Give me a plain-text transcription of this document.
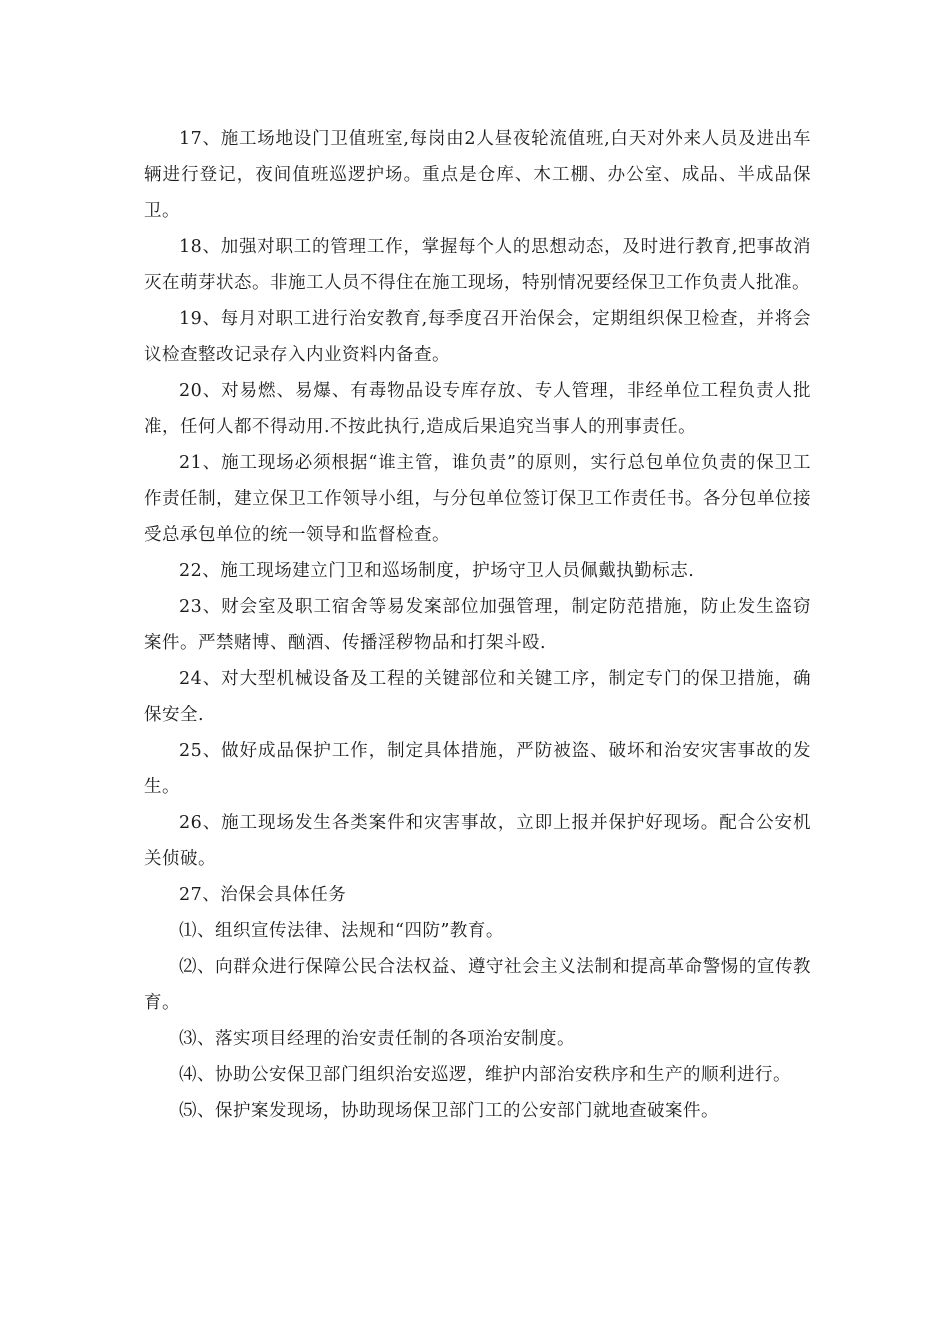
17、施工场地设门卫值班室,每岗由2人昼夜轮流值班,白天对外来人员及进出车辆进行登记，夜间值班巡逻护场。重点是仓库、木工棚、办公室、成品、半成品保卫。

18、加强对职工的管理工作，掌握每个人的思想动态，及时进行教育,把事故消灭在萌芽状态。非施工人员不得住在施工现场，特别情况要经保卫工作负责人批准。

19、每月对职工进行治安教育,每季度召开治保会，定期组织保卫检查，并将会议检查整改记录存入内业资料内备查。

20、对易燃、易爆、有毒物品设专库存放、专人管理，非经单位工程负责人批准，任何人都不得动用.不按此执行,造成后果追究当事人的刑事责任。

21、施工现场必须根据“谁主管，谁负责”的原则，实行总包单位负责的保卫工作责任制，建立保卫工作领导小组，与分包单位签订保卫工作责任书。各分包单位接受总承包单位的统一领导和监督检查。

22、施工现场建立门卫和巡场制度，护场守卫人员佩戴执勤标志.

23、财会室及职工宿舍等易发案部位加强管理，制定防范措施，防止发生盗窃案件。严禁赌博、酗酒、传播淫秽物品和打架斗殴.

24、对大型机械设备及工程的关键部位和关键工序，制定专门的保卫措施，确保安全.

25、做好成品保护工作，制定具体措施，严防被盗、破坏和治安灾害事故的发生。

26、施工现场发生各类案件和灾害事故，立即上报并保护好现场。配合公安机关侦破。

27、治保会具体任务

⑴、组织宣传法律、法规和“四防”教育。

⑵、向群众进行保障公民合法权益、遵守社会主义法制和提高革命警惕的宣传教育。

⑶、落实项目经理的治安责任制的各项治安制度。

⑷、协助公安保卫部门组织治安巡逻，维护内部治安秩序和生产的顺利进行。

⑸、保护案发现场，协助现场保卫部门工的公安部门就地查破案件。
